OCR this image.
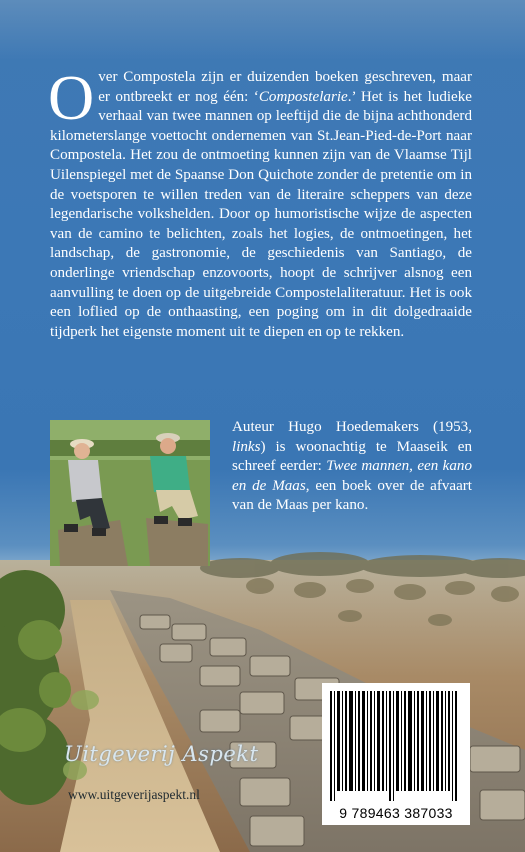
Over Compostela zijn er duizenden boeken geschreven, maar er ontbreekt er nog één: ‘Compostelarie.’ Het is het ludieke verhaal van twee mannen op leeftijd die de bijna achthonderd kilometerslange voettocht ondernemen van St.Jean-Pied-de-Port naar Compostela. Het zou de ontmoeting kunnen zijn van de Vlaamse Tijl Uilenspiegel met de Spaanse Don Quichote zonder de pretentie om in de voetsporen te willen treden van de literaire scheppers van deze legendarische volkshelden. Door op humoristische wijze de aspecten van de camino te belichten, zoals het logies, de ontmoetingen, het landschap, de gastronomie, de geschiedenis van Santiago, de onderlinge vriendschap enzovoorts, hoopt de schrijver alsnog een aanvulling te doen op de uitgebreide Compostelaliteratuur. Het is ook een loflied op de onthaasting, een poging om in dit dolgedraaide tijdperk het eigenste moment uit te diepen en op te rekken.
Auteur Hugo Hoedemakers (1953, links) is woonachtig te Maaseik en schreef eerder: Twee mannen, een kano en de Maas, een boek over de afvaart van de Maas per kano.
Uitgeverij Aspekt
www.uitgeverijaspekt.nl
9 789463 387033
